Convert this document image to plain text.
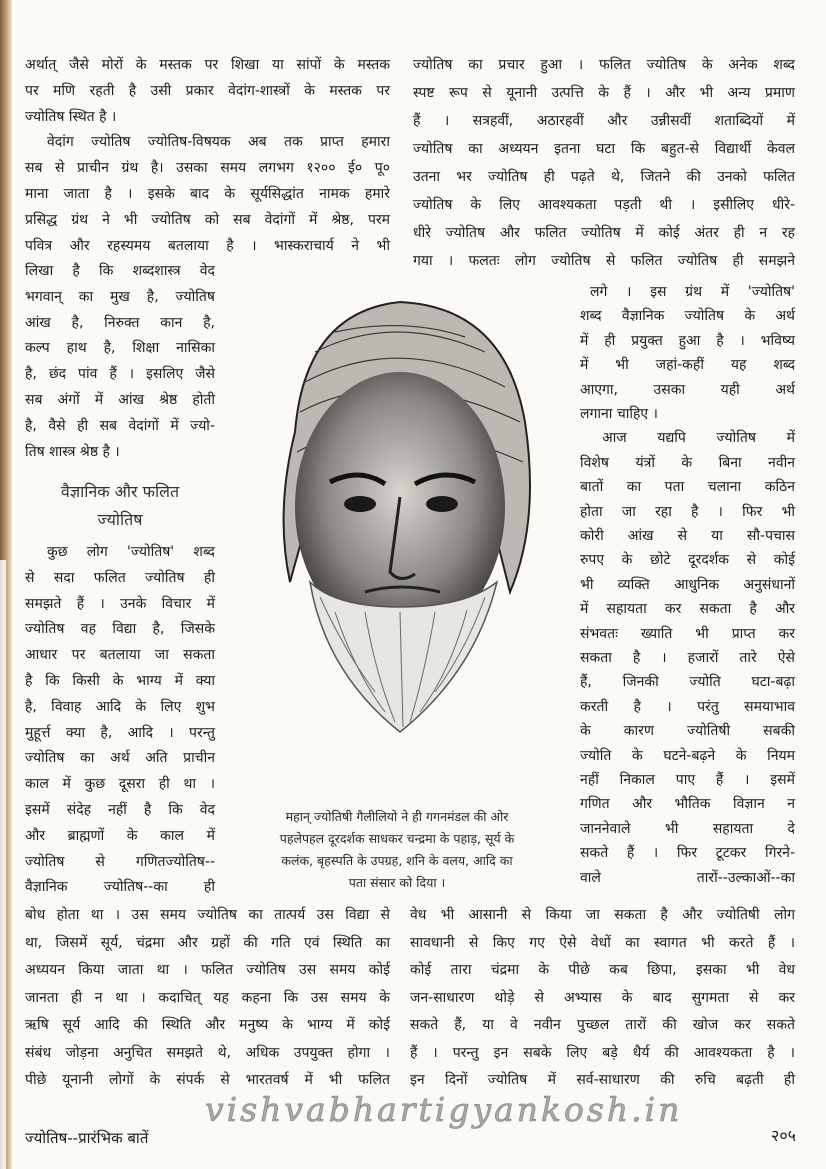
अर्थात् जैसे मोरों के मस्तक पर शिखा या सांपों के मस्तक
पर मणि रहती है उसी प्रकार वेदांग-शास्त्रों के मस्तक पर
ज्योतिष स्थित है ।
वेदांग ज्योतिष ज्योतिष-विषयक अब तक प्राप्त हमारा
सब से प्राचीन ग्रंथ है। उसका समय लगभग १२०० ई० पू०
माना जाता है । इसके बाद के सूर्यसिद्धांत नामक हमारे
प्रसिद्ध ग्रंथ ने भी ज्योतिष को सब वेदांगों में श्रेष्ठ, परम
पवित्र और रहस्यमय बतलाया है । भास्कराचार्य ने भी
लिखा है कि शब्दशास्त्र वेद
भगवान् का मुख है, ज्योतिष
आंख है, निरुक्त कान है,
कल्प हाथ है, शिक्षा नासिका
है, छंद पांव हैं । इसलिए जैसे
सब अंगों में आंख श्रेष्ठ होती
है, वैसे ही सब वेदांगों में ज्यो-
तिष शास्त्र श्रेष्ठ है ।
कुछ लोग 'ज्योतिष' शब्द
से सदा फलित ज्योतिष ही
समझते हैं । उनके विचार में
ज्योतिष वह विद्या है, जिसके
आधार पर बतलाया जा सकता
है कि किसी के भाग्य में क्या
है, विवाह आदि के लिए शुभ
मुहूर्त्त क्या है, आदि । परन्तु
ज्योतिष का अर्थ अति प्राचीन
काल में कुछ दूसरा ही था ।
इसमें संदेह नहीं है कि वेद
और ब्राह्मणों के काल में
ज्योतिष से गणितज्योतिष--
वैज्ञानिक ज्योतिष--का ही
बोध होता था । उस समय ज्योतिष का तात्पर्य उस विद्या से
था, जिसमें सूर्य, चंद्रमा और ग्रहों की गति एवं स्थिति का
अध्ययन किया जाता था । फलित ज्योतिष उस समय कोई
जानता ही न था । कदाचित् यह कहना कि उस समय के
ऋषि सूर्य आदि की स्थिति और मनुष्य के भाग्य में कोई
संबंध जोड़ना अनुचित समझते थे, अधिक उपयुक्त होगा ।
पीछे यूनानी लोगों के संपर्क से भारतवर्ष में भी फलित
ज्योतिष का प्रचार हुआ । फलित ज्योतिष के अनेक शब्द
स्पष्ट रूप से यूनानी उत्पत्ति के हैं । और भी अन्य प्रमाण
हैं । सत्रहवीं, अठारहवीं और उन्नीसवीं शताब्दियों में
ज्योतिष का अध्ययन इतना घटा कि बहुत-से विद्यार्थी केवल
उतना भर ज्योतिष ही पढ़ते थे, जितने की उनको फलित
ज्योतिष के लिए आवश्यकता पड़ती थी । इसीलिए धीरे-
धीरे ज्योतिष और फलित ज्योतिष में कोई अंतर ही न रह
गया । फलतः लोग ज्योतिष से फलित ज्योतिष ही समझने
लगे । इस ग्रंथ में 'ज्योतिष'
शब्द वैज्ञानिक ज्योतिष के अर्थ
में ही प्रयुक्त हुआ है । भविष्य
में भी जहां-कहीं यह शब्द
आएगा, उसका यही अर्थ
लगाना चाहिए ।
आज यद्यपि ज्योतिष में
विशेष यंत्रों के बिना नवीन
बातों का पता चलाना कठिन
होता जा रहा है । फिर भी
कोरी आंख से या सौ-पचास
रुपए के छोटे दूरदर्शक से कोई
भी व्यक्ति आधुनिक अनुसंधानों
में सहायता कर सकता है और
संभवतः ख्याति भी प्राप्त कर
सकता है । हजारों तारे ऐसे
हैं, जिनकी ज्योति घटा-बढ़ा
करती है । परंतु समयाभाव
के कारण ज्योतिषी सबकी
ज्योति के घटने-बढ़ने के नियम
नहीं निकाल पाए हैं । इसमें
गणित और भौतिक विज्ञान न
जाननेवाले भी सहायता दे
सकते हैं । फिर टूटकर गिरने-
वाले तारों--उल्काओं--का
वेध भी आसानी से किया जा सकता है और ज्योतिषी लोग
सावधानी से किए गए ऐसे वेधों का स्वागत भी करते हैं ।
कोई तारा चंद्रमा के पीछे कब छिपा, इसका भी वेध
जन-साधारण थोड़े से अभ्यास के बाद सुगमता से कर
सकते हैं, या वे नवीन पुच्छल तारों की खोज कर सकते
हैं । परन्तु इन सबके लिए बड़े धैर्य की आवश्यकता है ।
इन दिनों ज्योतिष में सर्व-साधारण की रुचि बढ़ती ही
वैज्ञानिक और फलित
ज्योतिष
महान् ज्योतिषी गैलीलियो ने ही गगनमंडल की ओर
पहलेपहल दूरदर्शक साधकर चन्द्रमा के पहाड़, सूर्य के
कलंक, बृहस्पति के उपग्रह, शनि के वलय, आदि का
पता संसार को दिया ।
vishvabhartigyankosh.in
ज्योतिष--प्रारंभिक बातें	२०५
